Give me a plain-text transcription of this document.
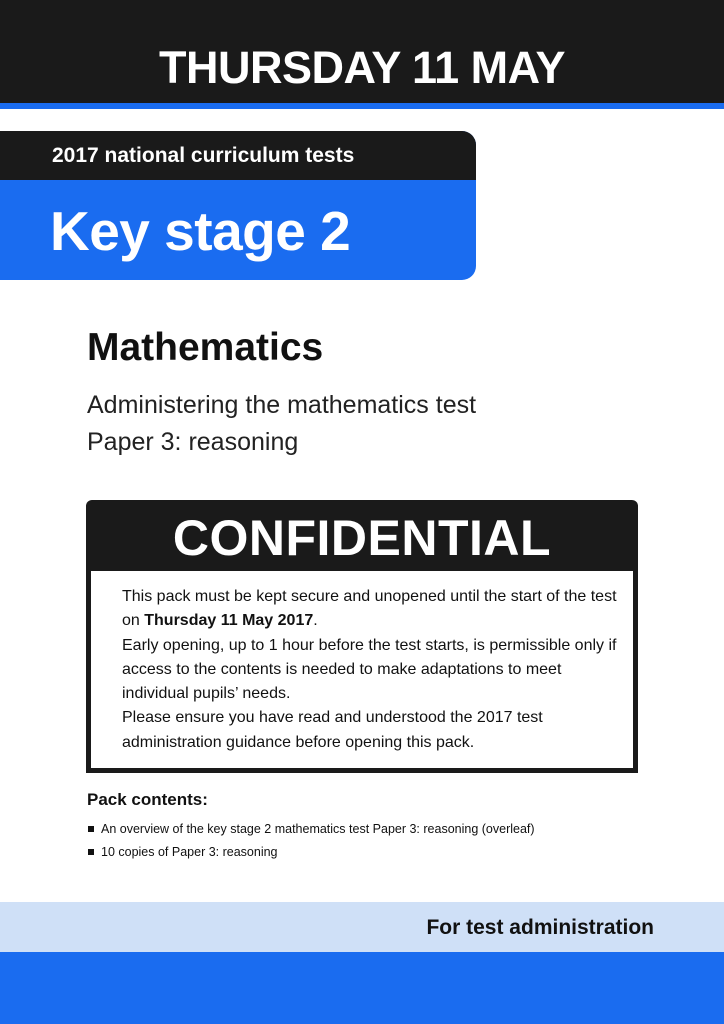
THURSDAY 11 MAY
2017 national curriculum tests
Key stage 2
Mathematics
Administering the mathematics test
Paper 3: reasoning
CONFIDENTIAL

This pack must be kept secure and unopened until the start of the test on Thursday 11 May 2017.

Early opening, up to 1 hour before the test starts, is permissible only if access to the contents is needed to make adaptations to meet individual pupils’ needs.

Please ensure you have read and understood the 2017 test administration guidance before opening this pack.

Pack contents:
An overview of the key stage 2 mathematics test Paper 3: reasoning (overleaf)
10 copies of Paper 3: reasoning
For test administration
